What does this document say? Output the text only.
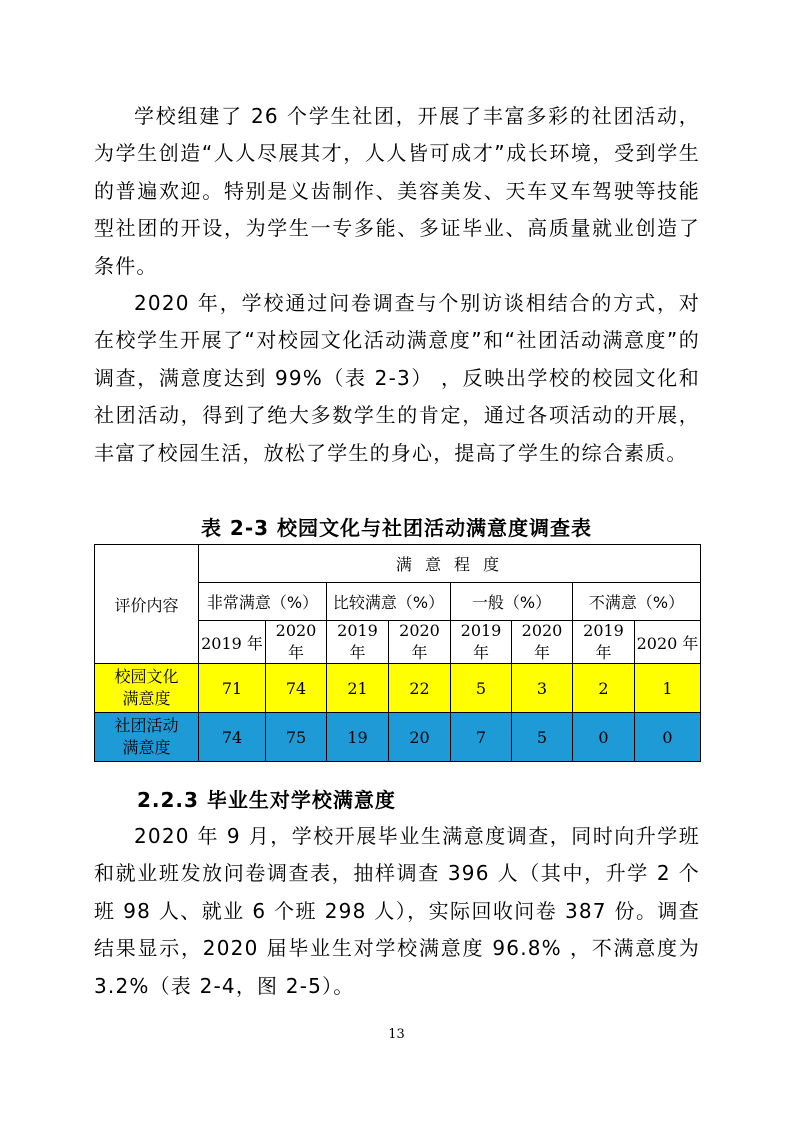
学校组建了 26 个学生社团，开展了丰富多彩的社团活动，为学生创造“人人尽展其才，人人皆可成才”成长环境，受到学生的普遍欢迎。特别是义齿制作、美容美发、天车叉车驾驶等技能型社团的开设，为学生一专多能、多证毕业、高质量就业创造了条件。

2020 年，学校通过问卷调查与个别访谈相结合的方式，对在校学生开展了“对校园文化活动满意度”和“社团活动满意度”的调查，满意度达到 99%（表 2-3） ，反映出学校的校园文化和社团活动，得到了绝大多数学生的肯定，通过各项活动的开展，丰富了校园生活，放松了学生的身心，提高了学生的综合素质。

表 2-3 校园文化与社团活动满意度调查表
评价内容	满 意 程 度							
	非常满意（%）		比较满意（%）		一般（%）		不满意（%）	
	2019 年	2020 年	2019 年	2020 年	2019 年	2020 年	2019 年	2020 年

校园文化
满意度	71	74	21	22	5	3	2	1

社团活动
满意度	74	75	19	20	7	5	0	0
2.2.3 毕业生对学校满意度

2020 年 9 月，学校开展毕业生满意度调查，同时向升学班和就业班发放问卷调查表，抽样调查 396 人（其中，升学 2 个班 98 人、就业 6 个班 298 人），实际回收问卷 387 份。调查结果显示，2020 届毕业生对学校满意度 96.8% ，不满意度为 3.2%（表 2-4，图 2-5）。

13
